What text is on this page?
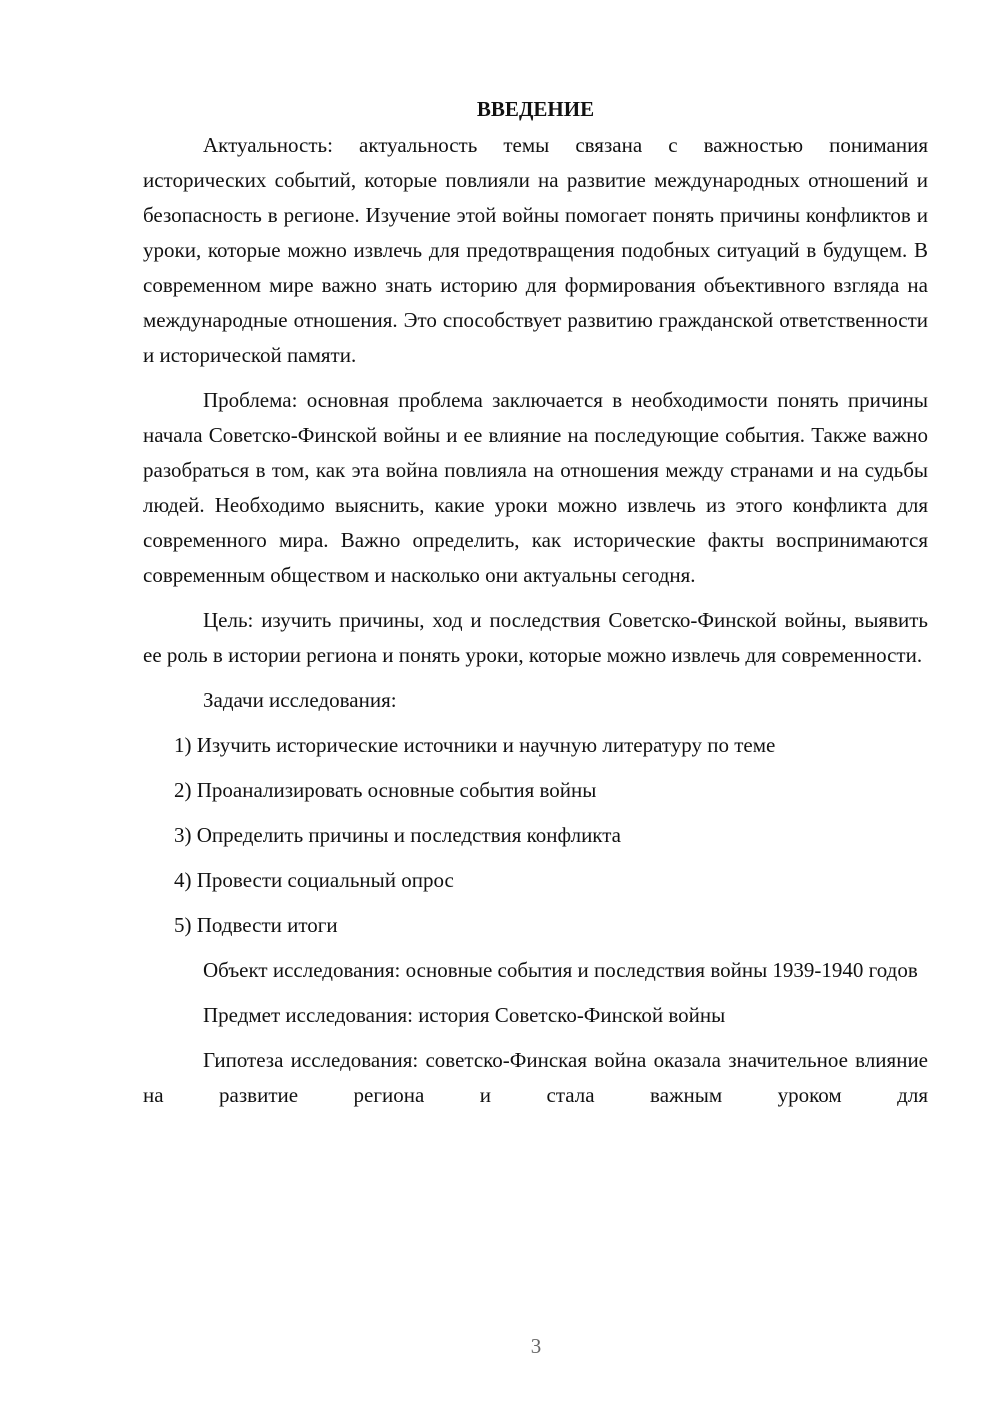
ВВЕДЕНИЕ

Актуальность: актуальность темы связана с важностью понимания исторических событий, которые повлияли на развитие международных отношений и безопасность в регионе. Изучение этой войны помогает понять причины конфликтов и уроки, которые можно извлечь для предотвращения подобных ситуаций в будущем. В современном мире важно знать историю для формирования объективного взгляда на международные отношения. Это способствует развитию гражданской ответственности и исторической памяти.

Проблема: основная проблема заключается в необходимости понять причины начала Советско-Финской войны и ее влияние на последующие события. Также важно разобраться в том, как эта война повлияла на отношения между странами и на судьбы людей. Необходимо выяснить, какие уроки можно извлечь из этого конфликта для современного мира. Важно определить, как исторические факты воспринимаются современным обществом и насколько они актуальны сегодня.

Цель: изучить причины, ход и последствия Советско-Финской войны, выявить ее роль в истории региона и понять уроки, которые можно извлечь для современности.

Задачи исследования:

1) Изучить исторические источники и научную литературу по теме
2) Проанализировать основные события войны
3) Определить причины и последствия конфликта
4) Провести социальный опрос
5) Подвести итоги

Объект исследования: основные события и последствия войны 1939-1940 годов

Предмет исследования: история Советско-Финской войны

Гипотеза исследования: советско-Финская война оказала значительное влияние на развитие региона и стала важным уроком для

3
